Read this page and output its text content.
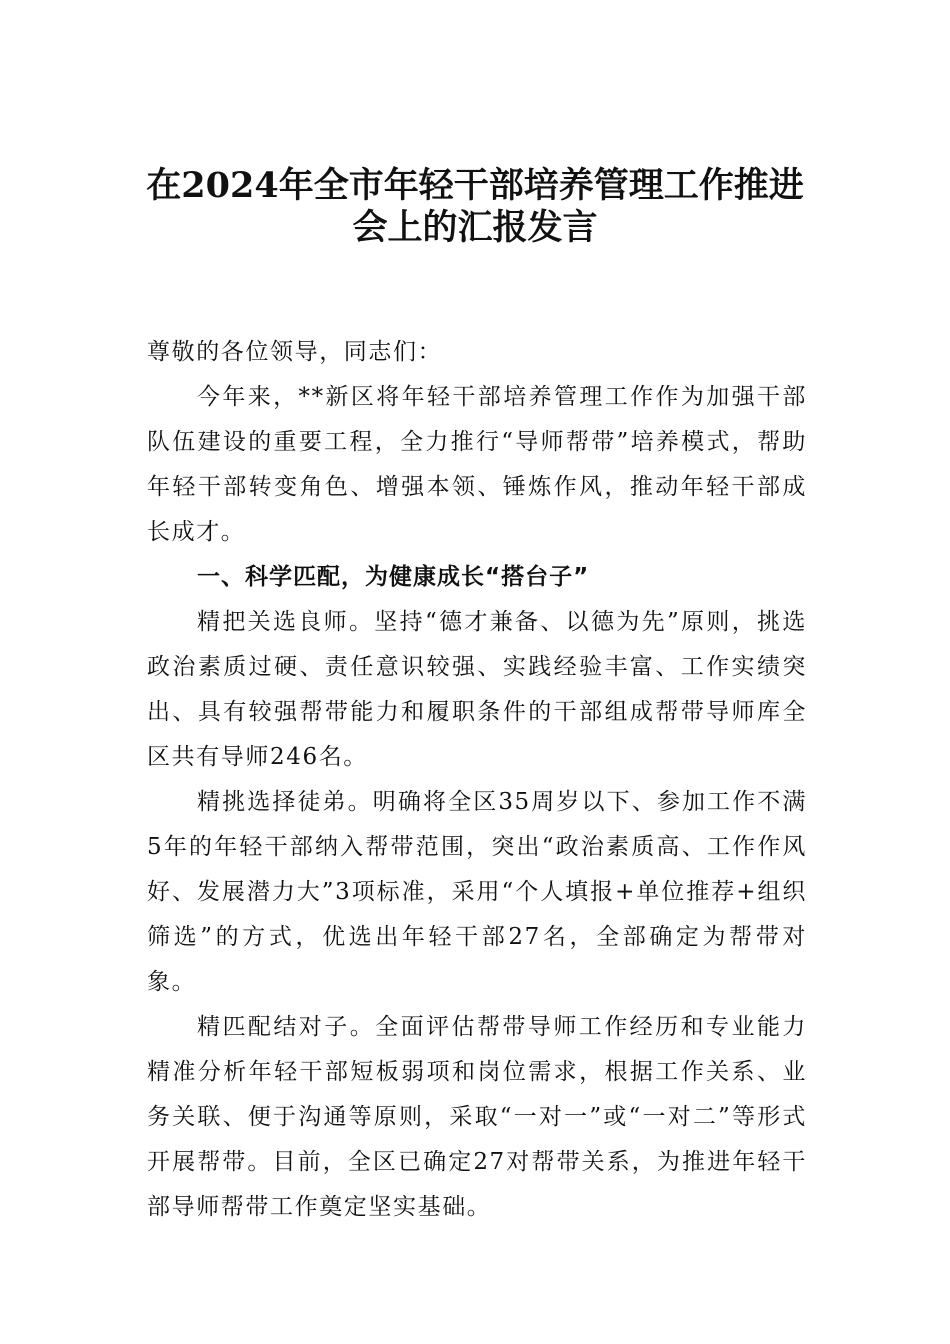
在2024年全市年轻干部培养管理工作推进
会上的汇报发言

尊敬的各位领导，同志们：

今年来，**新区将年轻干部培养管理工作作为加强干部队伍建设的重要工程，全力推行“导师帮带”培养模式，帮助年轻干部转变角色、增强本领、锤炼作风，推动年轻干部成长成才。

一、科学匹配，为健康成长“搭台子”

精把关选良师。坚持“德才兼备、以德为先”原则，挑选政治素质过硬、责任意识较强、实践经验丰富、工作实绩突出、具有较强帮带能力和履职条件的干部组成帮带导师库全区共有导师246名。

精挑选择徒弟。明确将全区35周岁以下、参加工作不满5年的年轻干部纳入帮带范围，突出“政治素质高、工作作风好、发展潜力大”3项标准，采用“个人填报+单位推荐+组织筛选”的方式，优选出年轻干部27名，全部确定为帮带对象。

精匹配结对子。全面评估帮带导师工作经历和专业能力精准分析年轻干部短板弱项和岗位需求，根据工作关系、业务关联、便于沟通等原则，采取“一对一”或“一对二”等形式开展帮带。目前，全区已确定27对帮带关系，为推进年轻干部导师帮带工作奠定坚实基础。
